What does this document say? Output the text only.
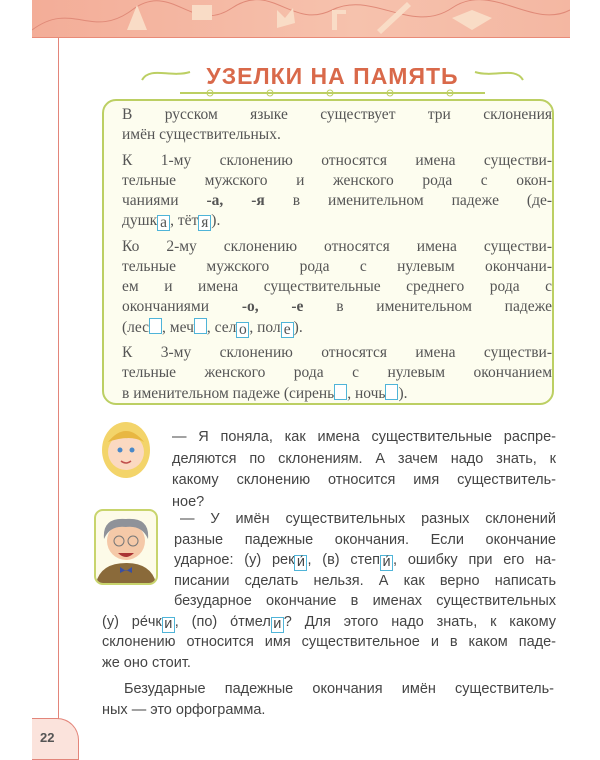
УЗЕЛКИ НА ПАМЯТЬ
В русском языке существует три склонения
имён существительных.
К 1-му склонению относятся имена существи-
тельные мужского и женского рода с окон-
чаниями -а, -я в именительном падеже (де-
душк а , тёт я ).
Ко 2-му склонению относятся имена существи-
тельные мужского рода с нулевым окончани-
ем и имена существительные среднего рода с
окончаниями -о, -е в именительном падеже
(лес , меч , сел о , пол е ).
К 3-му склонению относятся имена существи-
тельные женского рода с нулевым окончанием
в именительном падеже (сирень , ночь ).
— Я поняла, как имена существительные распре-
деляются по склонениям. А зачем надо знать, к
какому склонению относится имя существитель-
ное?
— У имён существительных разных склонений
разные падежные окончания. Если окончание
ударное: (у) рек и́ , (в) степ и́ , ошибку при его на-
писании сделать нельзя. А как верно написать
безударное окончание в именах существительных
(у) ре́чк и , (по) о́тмел и ? Для этого надо знать, к какому
склонению относится имя существительное и в каком паде-
же оно стоит.
Безударные падежные окончания имён существитель-
ных — это орфограмма.
22
